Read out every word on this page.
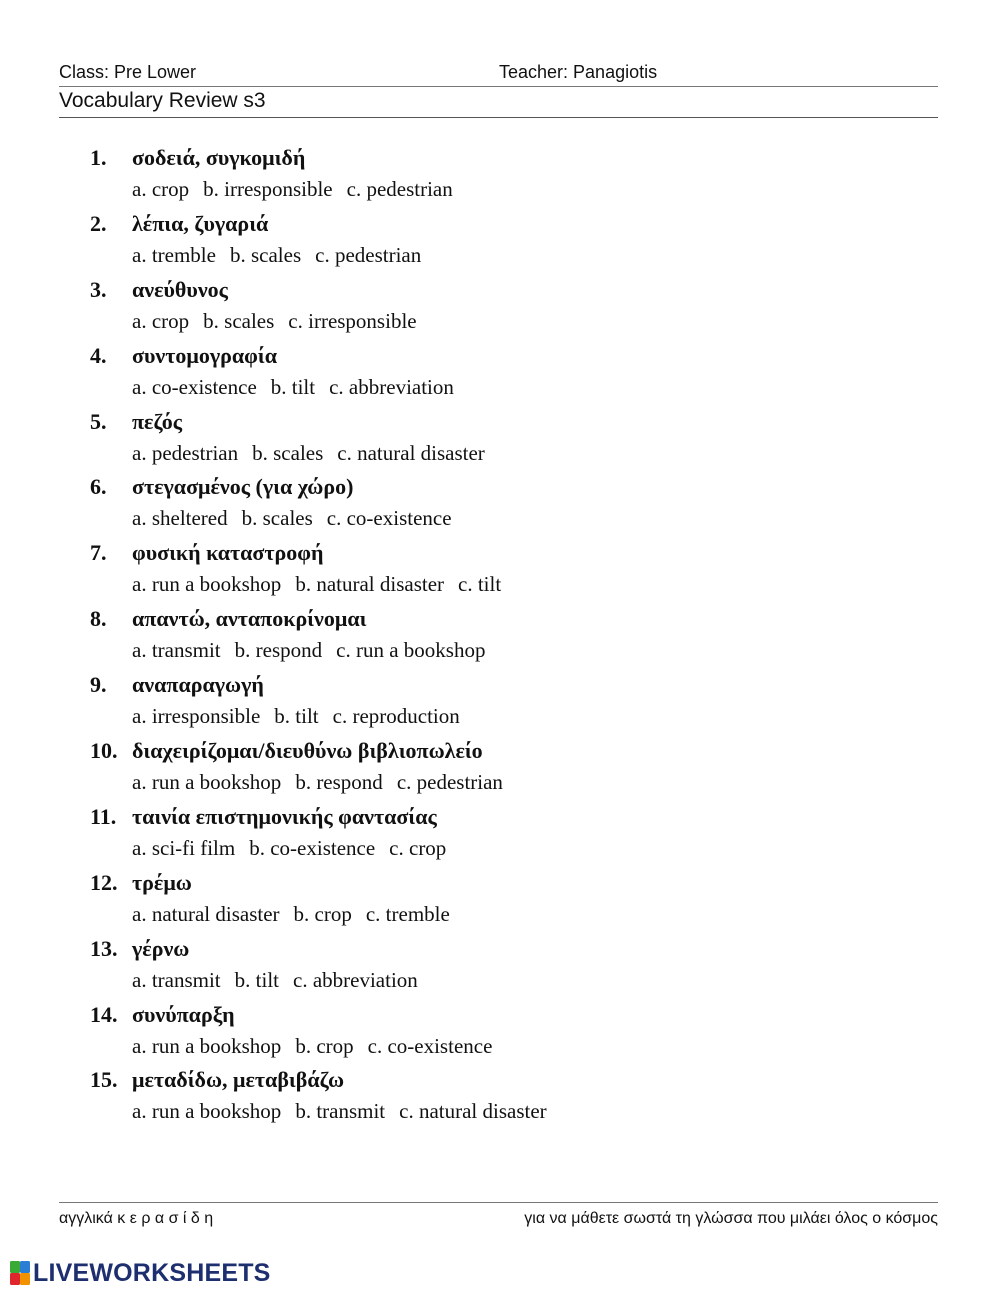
Class: Pre Lower	Teacher: Panagiotis
Vocabulary Review s3
1. σοδειά, συγκομιδή
a. crop b. irresponsible c. pedestrian
2. λέπια, ζυγαριά
a. tremble b. scales c. pedestrian
3. ανεύθυνος
a. crop b. scales c. irresponsible
4. συντομογραφία
a. co-existence b. tilt c. abbreviation
5. πεζός
a. pedestrian b. scales c. natural disaster
6. στεγασμένος (για χώρο)
a. sheltered b. scales c. co-existence
7. φυσική καταστροφή
a. run a bookshop b. natural disaster c. tilt
8. απαντώ, ανταποκρίνομαι
a. transmit b. respond c. run a bookshop
9. αναπαραγωγή
a. irresponsible b. tilt c. reproduction
10. διαχειρίζομαι/διευθύνω βιβλιοπωλείο
a. run a bookshop b. respond c. pedestrian
11. ταινία επιστημονικής φαντασίας
a. sci-fi film b. co-existence c. crop
12. τρέμω
a. natural disaster b. crop c. tremble
13. γέρνω
a. transmit b. tilt c. abbreviation
14. συνύπαρξη
a. run a bookshop b. crop c. co-existence
15. μεταδίδω, μεταβιβάζω
a. run a bookshop b. transmit c. natural disaster
αγγλικά κ ε ρ α σ ί δ η	για να μάθετε σωστά τη γλώσσα που μιλάει όλος ο κόσμος
LIVEWORKSHEETS
